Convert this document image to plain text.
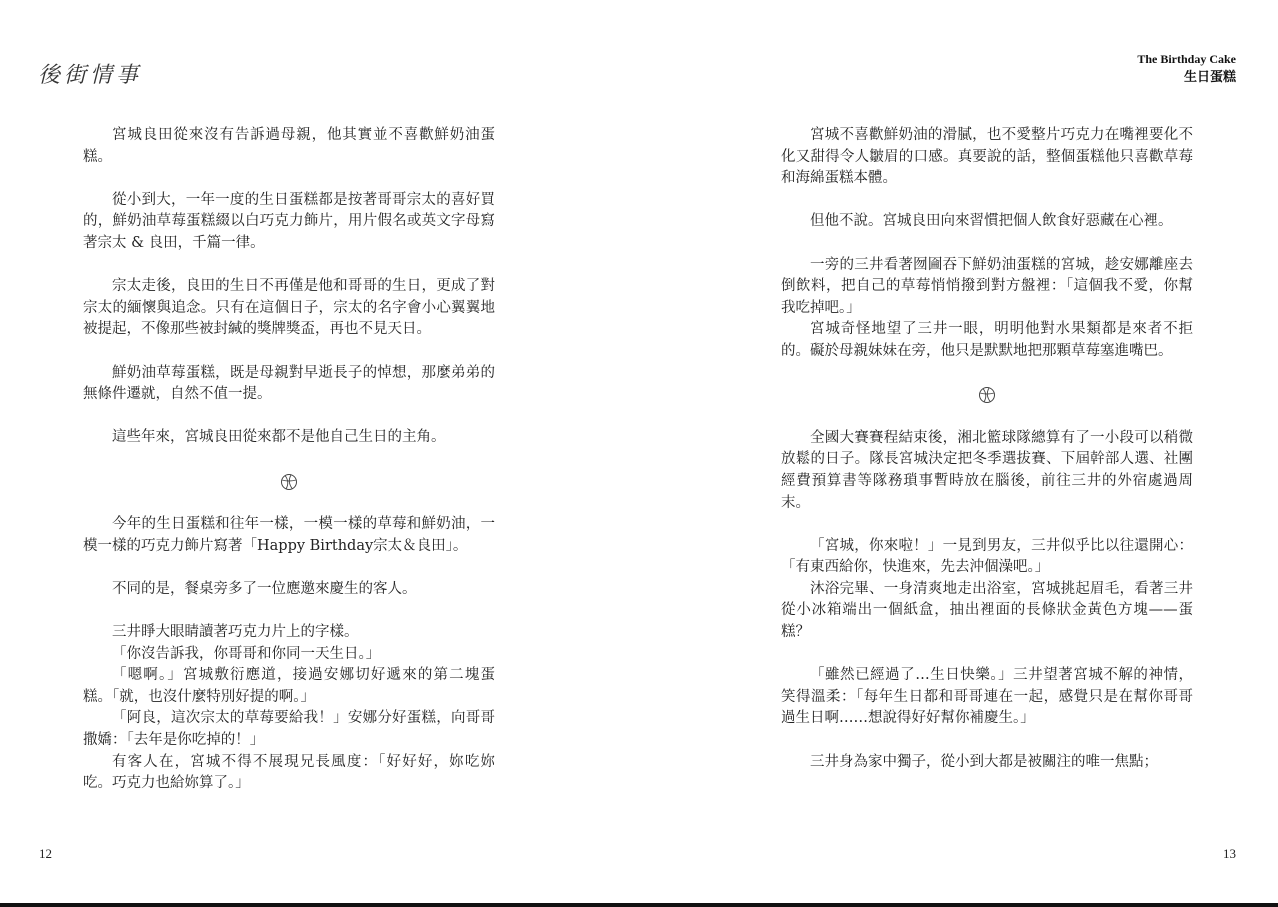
後街情事

宮城良田從來沒有告訴過母親，他其實並不喜歡鮮奶油蛋糕。

從小到大，一年一度的生日蛋糕都是按著哥哥宗太的喜好買的，鮮奶油草莓蛋糕綴以白巧克力飾片，用片假名或英文字母寫著宗太 & 良田，千篇一律。

宗太走後，良田的生日不再僅是他和哥哥的生日，更成了對宗太的緬懷與追念。只有在這個日子，宗太的名字會小心翼翼地被提起，不像那些被封緘的獎牌獎盃，再也不見天日。

鮮奶油草莓蛋糕，既是母親對早逝長子的悼想，那麼弟弟的無條件遷就，自然不值一提。

這些年來，宮城良田從來都不是他自己生日的主角。

今年的生日蛋糕和往年一樣，一模一樣的草莓和鮮奶油，一模一樣的巧克力飾片寫著「Happy Birthday宗太＆良田」。

不同的是，餐桌旁多了一位應邀來慶生的客人。

三井睜大眼睛讀著巧克力片上的字樣。

「你沒告訴我，你哥哥和你同一天生日。」

「嗯啊。」宮城敷衍應道，接過安娜切好遞來的第二塊蛋糕。「就，也沒什麼特別好提的啊。」

「阿良，這次宗太的草莓要給我！」安娜分好蛋糕，向哥哥撒嬌：「去年是你吃掉的！」

有客人在，宮城不得不展現兄長風度：「好好好，妳吃妳吃。巧克力也給妳算了。」

12
The Birthday Cake
生日蛋糕

宮城不喜歡鮮奶油的滑膩，也不愛整片巧克力在嘴裡要化不化又甜得令人皺眉的口感。真要說的話，整個蛋糕他只喜歡草莓和海綿蛋糕本體。

但他不說。宮城良田向來習慣把個人飲食好惡藏在心裡。

一旁的三井看著囫圇吞下鮮奶油蛋糕的宮城，趁安娜離座去倒飲料，把自己的草莓悄悄撥到對方盤裡：「這個我不愛，你幫我吃掉吧。」

宮城奇怪地望了三井一眼，明明他對水果類都是來者不拒的。礙於母親妹妹在旁，他只是默默地把那顆草莓塞進嘴巴。

全國大賽賽程結束後，湘北籃球隊總算有了一小段可以稍微放鬆的日子。隊長宮城決定把冬季選拔賽、下屆幹部人選、社團經費預算書等隊務瑣事暫時放在腦後，前往三井的外宿處過周末。

「宮城，你來啦！」一見到男友，三井似乎比以往還開心：「有東西給你，快進來，先去沖個澡吧。」

沐浴完畢、一身清爽地走出浴室，宮城挑起眉毛，看著三井從小冰箱端出一個紙盒，抽出裡面的長條狀金黃色方塊——蛋糕？

「雖然已經過了…生日快樂。」三井望著宮城不解的神情，笑得溫柔：「每年生日都和哥哥連在一起，感覺只是在幫你哥哥過生日啊……想說得好好幫你補慶生。」

三井身為家中獨子，從小到大都是被關注的唯一焦點；

13
